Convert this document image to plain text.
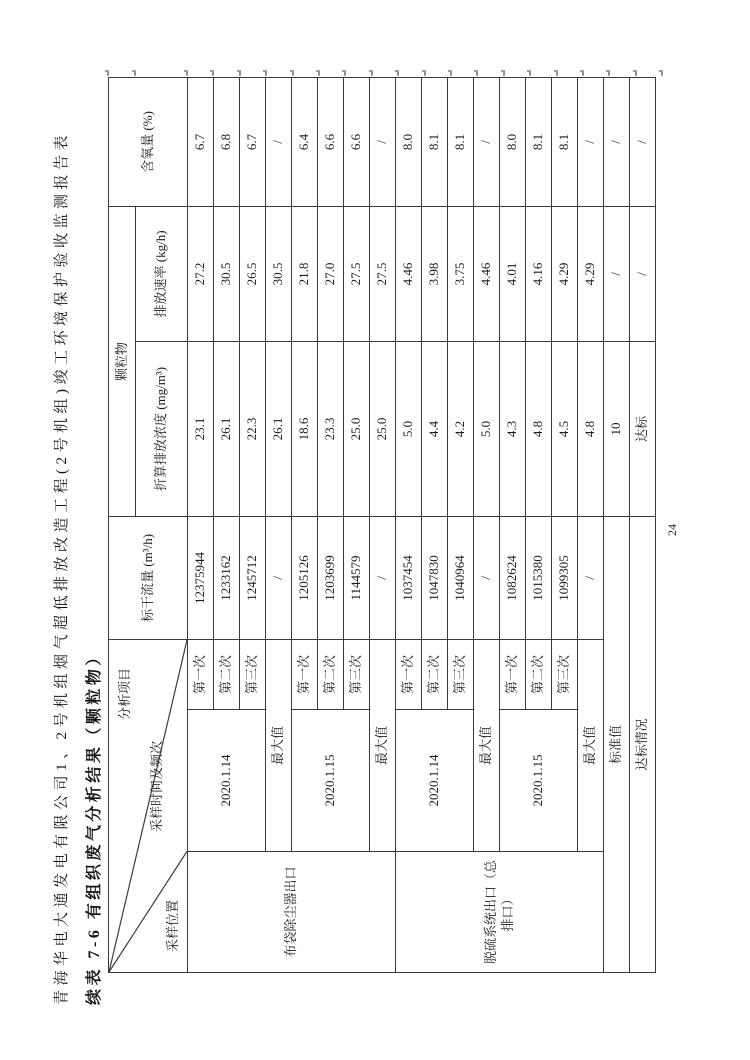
青海华电大通发电有限公司1、2号机组烟气超低排放改造工程(2号机组)竣工环境保护验收监测报告表	续表 7-6 有组织废气分析结果（颗粒物） 分析项目
采样时间及频次
采样位置			标干流量 (m³/h)	颗粒物		含氧量 (%)
				折算排放浓度 (mg/m³)	排放速率 (kg/h)	
布袋除尘器出口	2020.1.14	第一次	12375944	23.1	27.2	6.7
		第二次	1233162	26.1	30.5	6.8
		第三次	1245712	22.3	26.5	6.7
	最大值		/	26.1	30.5	/
	2020.1.15	第一次	1205126	18.6	21.8	6.4
		第二次	1203699	23.3	27.0	6.6
		第三次	1144579	25.0	27.5	6.6
	最大值		/	25.0	27.5	/
脱硫系统出口（总排口）	2020.1.14	第一次	1037454	5.0	4.46	8.0
		第二次	1047830	4.4	3.98	8.1
		第三次	1040964	4.2	3.75	8.1
	最大值		/	5.0	4.46	/
	2020.1.15	第一次	1082624	4.3	4.01	8.0
		第二次	1015380	4.8	4.16	8.1
		第三次	1099305	4.5	4.29	8.1
	最大值		/	4.8	4.29	/
标准值				10	/	/
达标情况				达标	/	/
24
